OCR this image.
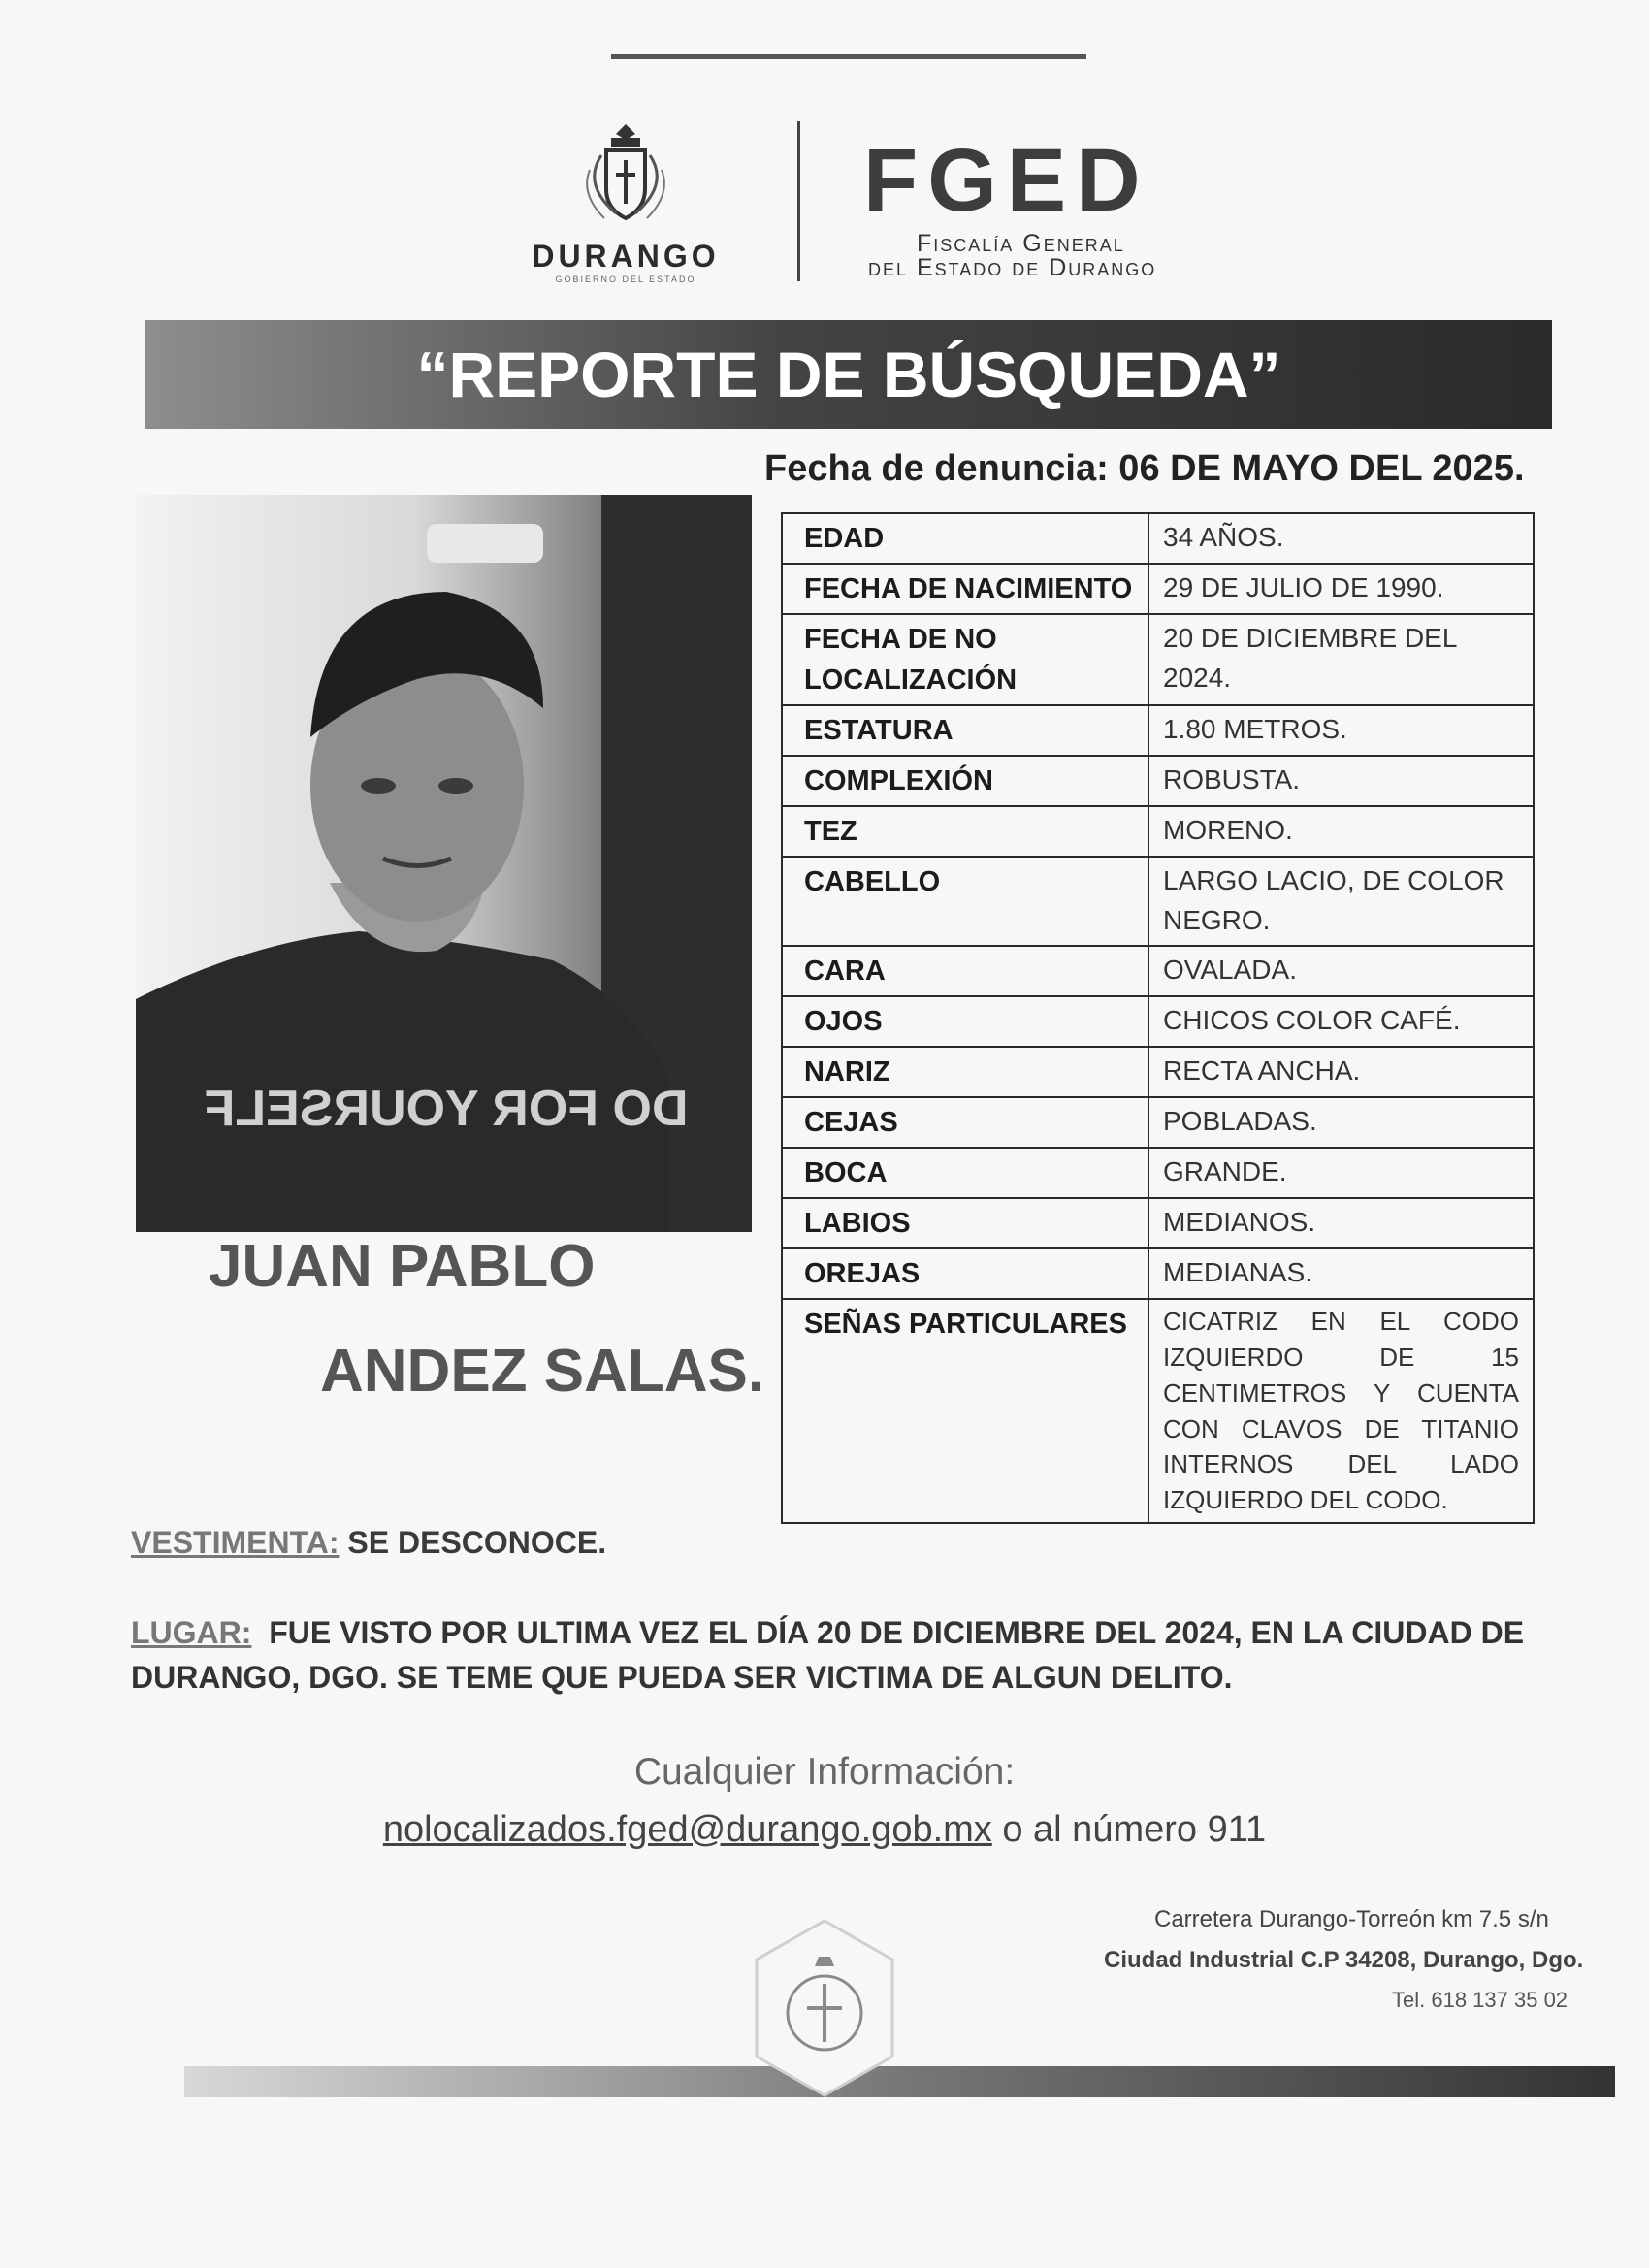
DURANGO
GOBIERNO DEL ESTADO
FGED
Fiscalía General
del Estado de Durango
“REPORTE DE BÚSQUEDA”
Fecha de denuncia: 06 DE MAYO DEL 2025.
DO FOR YOURSELF
JUAN PABLO
ANDEZ SALAS.
EDAD	34 AÑOS.
FECHA DE NACIMIENTO	29 DE JULIO DE 1990.
FECHA DE NO LOCALIZACIÓN	20 DE DICIEMBRE DEL 2024.
ESTATURA	1.80 METROS.
COMPLEXIÓN	ROBUSTA.
TEZ	MORENO.
CABELLO	LARGO LACIO, DE COLOR NEGRO.
CARA	OVALADA.
OJOS	CHICOS COLOR CAFÉ.
NARIZ	RECTA ANCHA.
CEJAS	POBLADAS.
BOCA	GRANDE.
LABIOS	MEDIANOS.
OREJAS	MEDIANAS.
SEÑAS PARTICULARES	CICATRIZ EN EL CODO IZQUIERDO DE 15 CENTIMETROS Y CUENTA CON CLAVOS DE TITANIO INTERNOS DEL LADO IZQUIERDO DEL CODO.
VESTIMENTA: SE DESCONOCE.
LUGAR: FUE VISTO POR ULTIMA VEZ EL DÍA 20 DE DICIEMBRE DEL 2024, EN LA CIUDAD DE DURANGO, DGO. SE TEME QUE PUEDA SER VICTIMA DE ALGUN DELITO.
Cualquier Información:
nolocalizados.fged@durango.gob.mx o al número 911
Carretera Durango-Torreón km 7.5 s/n
Ciudad Industrial C.P 34208, Durango, Dgo.
Tel. 618 137 35 02
